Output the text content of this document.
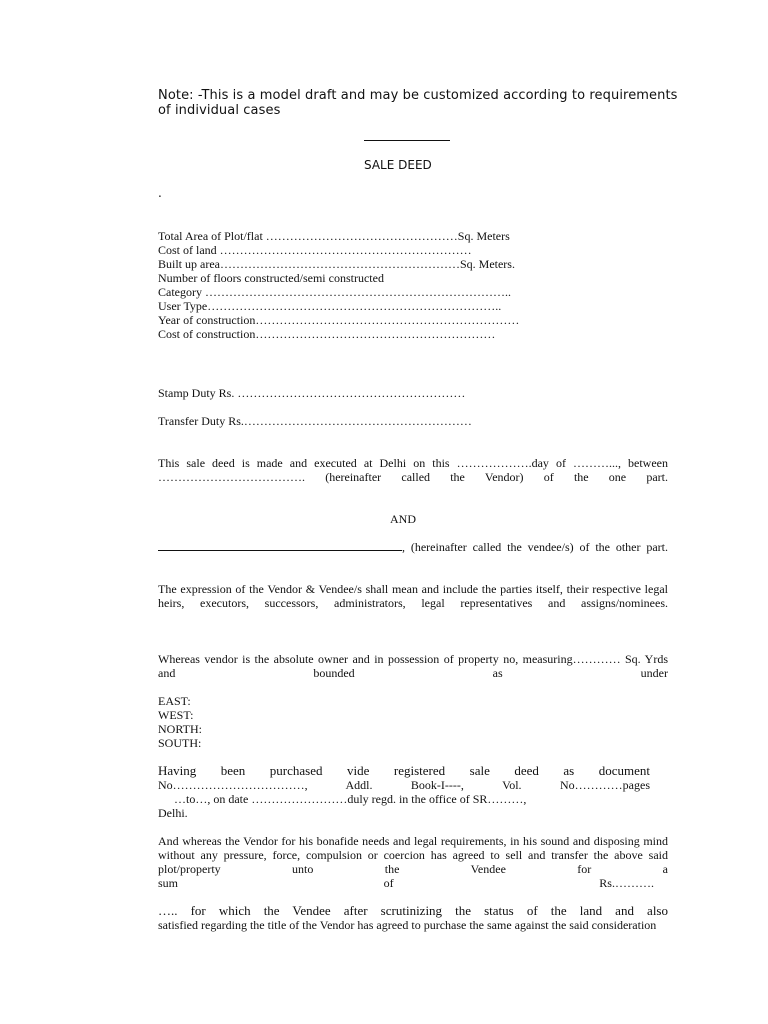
Note: -This is a model draft and may be customized according to requirements of individual cases
SALE DEED
.
Total Area of Plot/flat …………………………………………Sq. Meters
Cost of land ………………………………………………………
Built up area……………………………………………………Sq. Meters.
Number of floors constructed/semi constructed
Category …………………………………………………………………..
User Type………………………………………………………………..
Year of construction…………………………………………………………
Cost of construction……………………………………………………
Stamp Duty Rs. …………………………………………………
Transfer Duty Rs.…………………………………………………
This sale deed is made and executed at Delhi on this ……………….day of ………..., between ………………………………. (hereinafter called the Vendor) of the one part.
AND
, (hereinafter called the vendee/s) of the other part.
The expression of the Vendor & Vendee/s shall mean and include the parties itself, their respective legal heirs, executors, successors, administrators, legal representatives and assigns/nominees.
Whereas vendor is the absolute owner and in possession of property no, measuring………… Sq. Yrds and bounded as under
EAST:
WEST:
NORTH:
SOUTH:
Having been purchased vide registered sale deed as document
No……………………………, Addl. Book-I----, Vol. No…………pages
…to…, on date ……………………duly regd. in the office of SR………,
Delhi.
And whereas the Vendor for his bonafide needs and legal requirements, in his sound and disposing mind without any pressure, force, compulsion or coercion has agreed to sell and transfer the above said plot/property unto the Vendee for a
sum	of	Rs.……….
….. for which the Vendee after scrutinizing the status of the land and also
satisfied regarding the title of the Vendor has agreed to purchase the same against the said consideration
